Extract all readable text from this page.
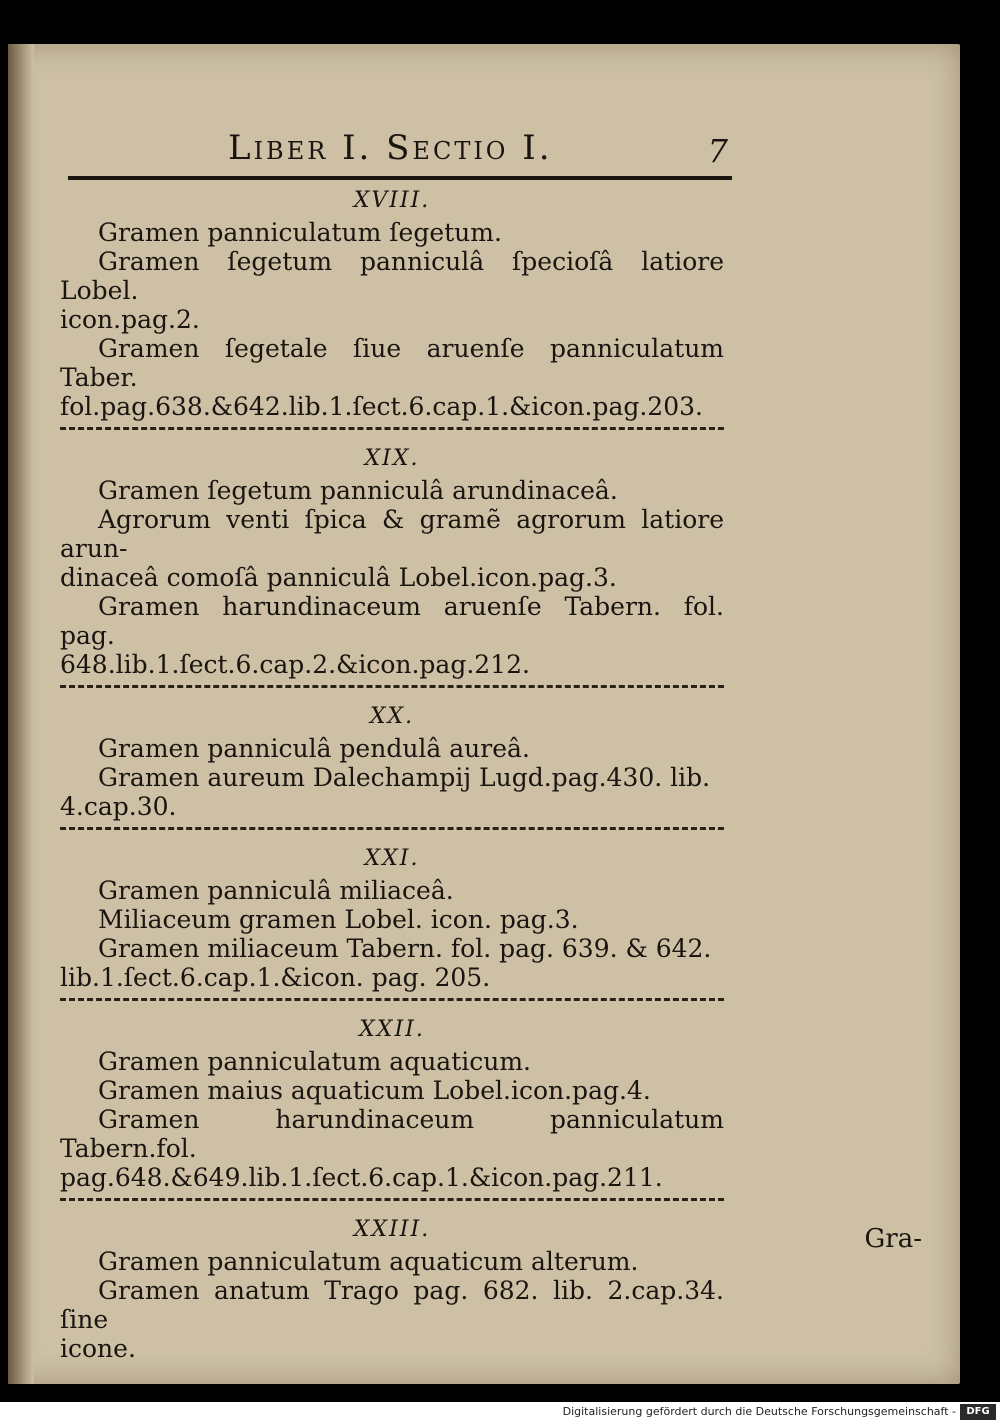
Liber I. Sectio I.	7
XVIII.

Gramen panniculatum ſegetum.

Gramen ſegetum panniculâ ſpecioſâ latiore Lobel.

icon.pag.2.

Gramen ſegetale ſiue aruenſe panniculatum Taber.

fol.pag.638.&642.lib.1.ſect.6.cap.1.&icon.pag.203.

XIX.

Gramen ſegetum panniculâ arundinaceâ.

Agrorum venti ſpica & gramẽ agrorum latiore arun-

dinaceâ comoſâ panniculâ Lobel.icon.pag.3.

Gramen harundinaceum aruenſe Tabern. fol. pag.

648.lib.1.ſect.6.cap.2.&icon.pag.212.

XX.

Gramen panniculâ pendulâ aureâ.

Gramen aureum Dalechampij Lugd.pag.430. lib.

4.cap.30.

XXI.

Gramen panniculâ miliaceâ.

Miliaceum gramen Lobel. icon. pag.3.

Gramen miliaceum Tabern. fol. pag. 639. & 642.

lib.1.ſect.6.cap.1.&icon. pag. 205.

XXII.

Gramen panniculatum aquaticum.

Gramen maius aquaticum Lobel.icon.pag.4.

Gramen harundinaceum panniculatum Tabern.fol.

pag.648.&649.lib.1.ſect.6.cap.1.&icon.pag.211.

XXIII.

Gramen panniculatum aquaticum alterum.

Gramen anatum Trago pag. 682. lib. 2.cap.34. ſine

icone.

Gra-
Digitalisierung gefördert durch die Deutsche Forschungsgemeinschaft -	DFG
